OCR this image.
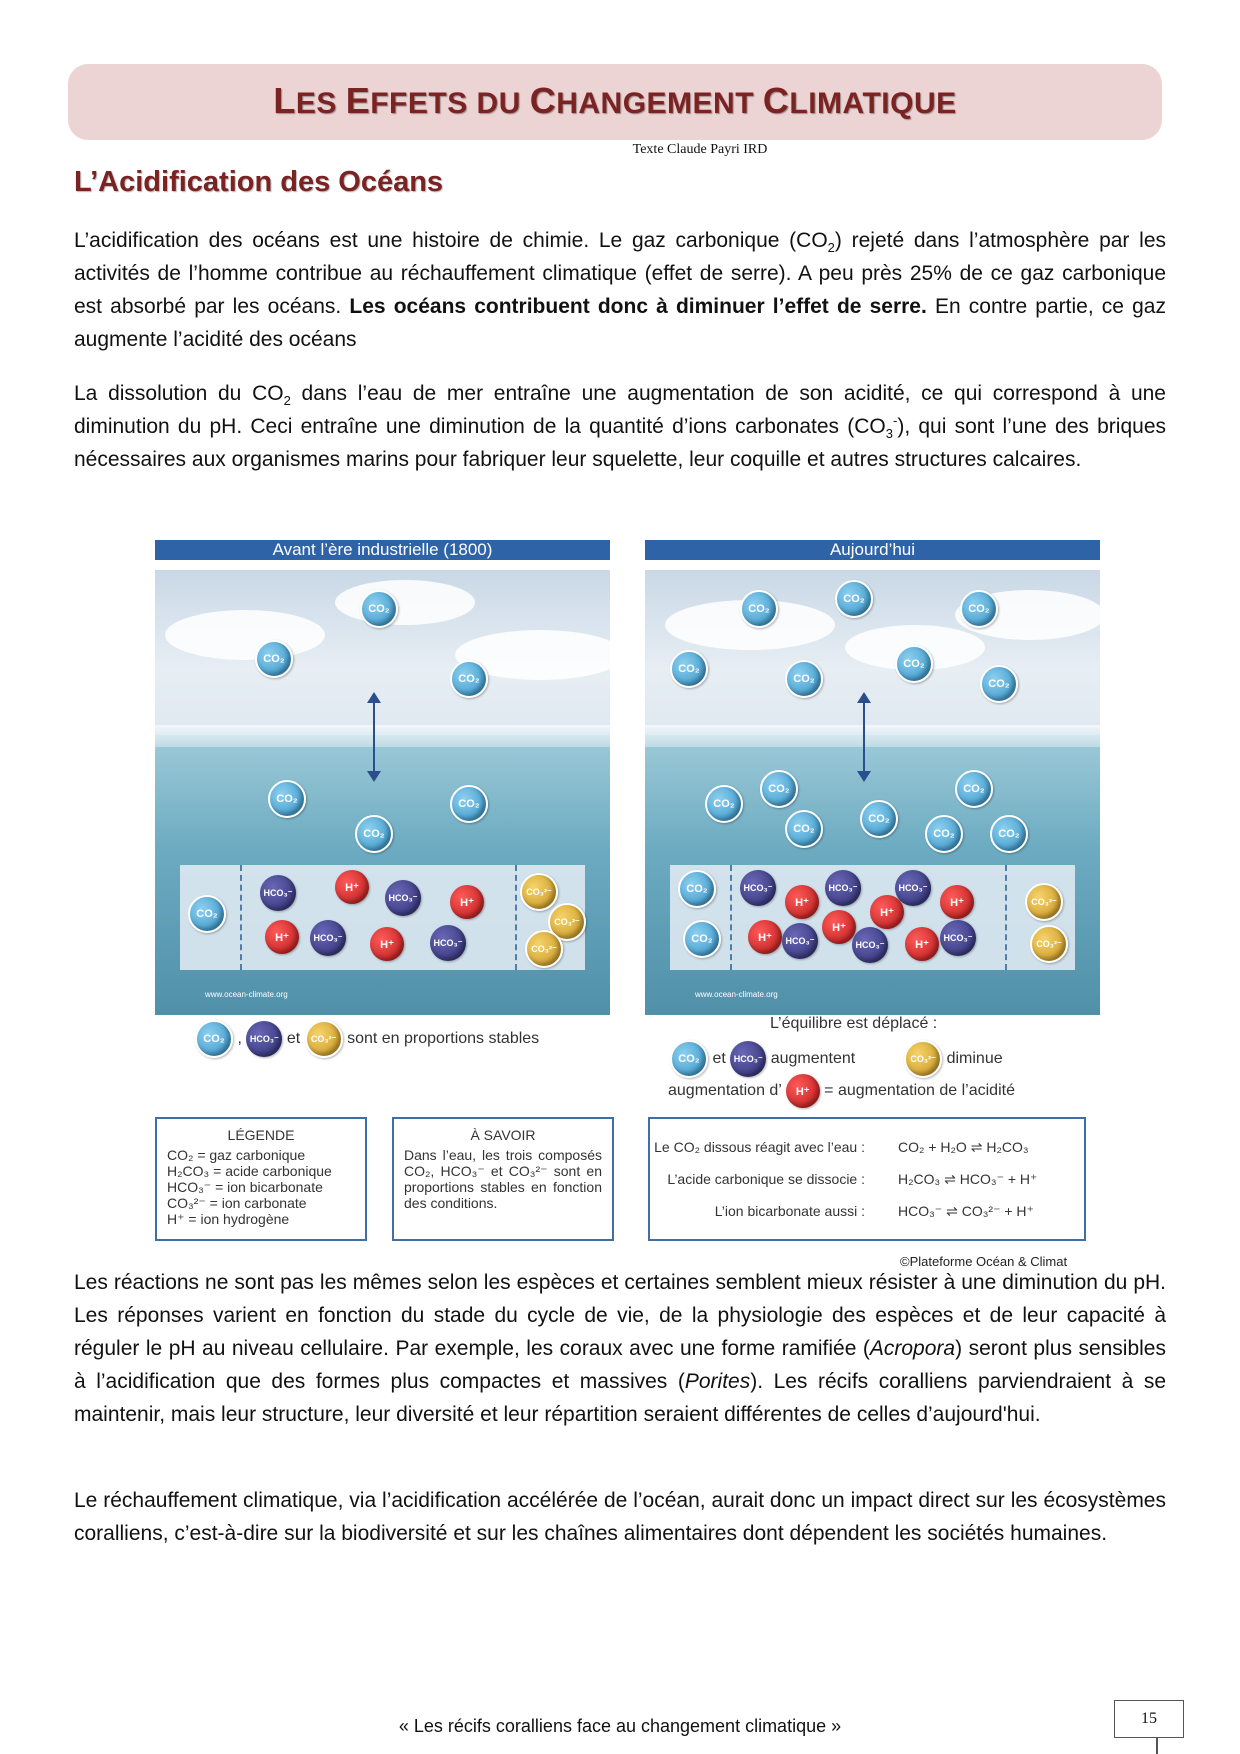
LES EFFETS DU CHANGEMENT CLIMATIQUE
Texte Claude Payri IRD
L’Acidification des Océans
L’acidification des océans est une histoire de chimie. Le gaz carbonique $(CO_2)$ rejeté dans l’atmosphère par les activités de l’homme contribue au réchauffement climatique (effet de serre). A peu près 25% de ce gaz carbonique est absorbé par les océans. Les océans contribuent donc à diminuer l’effet de serre. En contre partie, ce gaz augmente l’acidité des océans
La dissolution du $CO_2$ dans l’eau de mer entraîne une augmentation de son acidité, ce qui correspond à une diminution du pH. Ceci entraîne une diminution de la quantité d’ions carbonates $(CO_3^-)$, qui sont l’une des briques nécessaires aux organismes marins pour fabriquer leur squelette, leur coquille et autres structures calcaires.
Avant l’ère industrielle (1800)
CO₂
CO₂
CO₂
CO₂	CO₂
CO₂
CO₂
HCO₃⁻	H⁺
HCO₃⁻	H⁺
H⁺	HCO₃⁻
H⁺	HCO₃⁻
CO₃²⁻
CO₃²⁻
CO₃²⁻
www.ocean-climate.org
CO₂ , HCO₃⁻ et CO₃²⁻ sont en proportions stables
Aujourd’hui
CO₂
CO₂
CO₂
CO₂
CO₂
CO₂
CO₂
CO₂
CO₂
CO₂
CO₂
CO₂
CO₂
CO₂
CO₂
CO₂
HCO₃⁻
H⁺
HCO₃⁻	HCO₃⁻
H⁺
H⁺
H⁺	HCO₃⁻
H⁺
HCO₃⁻	H⁺
HCO₃⁻
CO₃²⁻
CO₃²⁻
www.ocean-climate.org
L’équilibre est déplacé :
CO₂ et HCO₃⁻ augmentent	CO₃²⁻ diminue
augmentation d’ H⁺ = augmentation de l’acidité
LÉGENDE
CO₂ = gaz carbonique
H₂CO₃ = acide carbonique
HCO₃⁻ = ion bicarbonate
CO₃²⁻ = ion carbonate
H⁺ = ion hydrogène
À SAVOIR
Dans l’eau, les trois composés CO₂, HCO₃⁻ et CO₃²⁻ sont en proportions stables en fonction des conditions.
Le CO₂ dissous réagit avec l’eau : CO₂ + H₂O ⇌ H₂CO₃
L’acide carbonique se dissocie : H₂CO₃ ⇌ HCO₃⁻ + H⁺
L’ion bicarbonate aussi : HCO₃⁻ ⇌ CO₃²⁻ + H⁺
©Plateforme Océan & Climat
Les réactions ne sont pas les mêmes selon les espèces et certaines semblent mieux résister à une diminution du pH. Les réponses varient en fonction du stade du cycle de vie, de la physiologie des espèces et de leur capacité à réguler le pH au niveau cellulaire. Par exemple, les coraux avec une forme ramifiée (Acropora) seront plus sensibles à l’acidification que des formes plus compactes et massives (Porites). Les récifs coralliens parviendraient à se maintenir, mais leur structure, leur diversité et leur répartition seraient différentes de celles d’aujourd'hui.
Le réchauffement climatique, via l’acidification accélérée de l’océan, aurait donc un impact direct sur les écosystèmes coralliens, c’est-à-dire sur la biodiversité et sur les chaînes alimentaires dont dépendent les sociétés humaines.
« Les récifs coralliens face au changement climatique »	15
